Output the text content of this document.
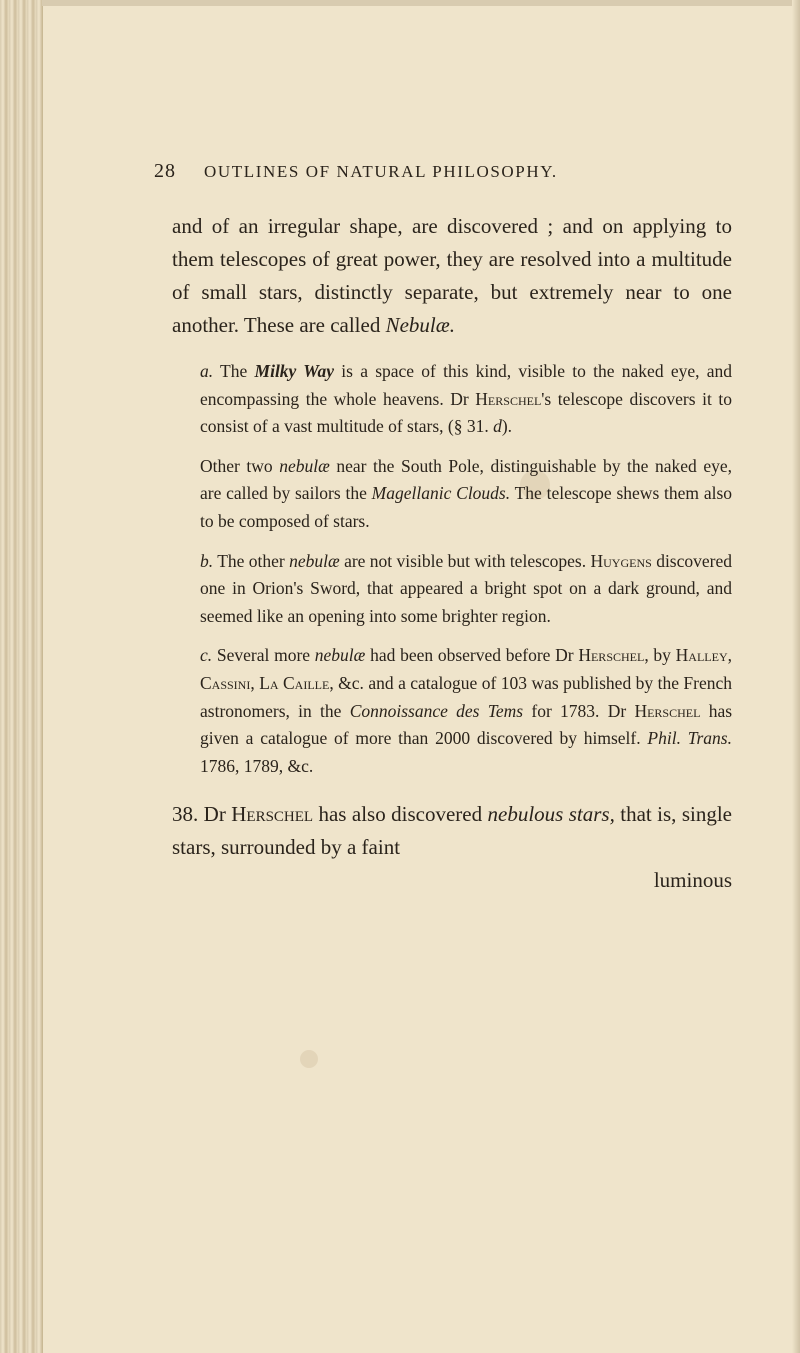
28 OUTLINES OF NATURAL PHILOSOPHY.

and of an irregular shape, are discovered ; and on applying to them telescopes of great power, they are resolved into a multitude of small stars, distinctly separate, but extremely near to one another. These are called Nebulæ.

a. The Milky Way is a space of this kind, visible to the naked eye, and encompassing the whole heavens. Dr Herschel's telescope discovers it to consist of a vast multitude of stars, (§ 31. d).

Other two nebulæ near the South Pole, distinguishable by the naked eye, are called by sailors the Magellanic Clouds. The telescope shews them also to be composed of stars.

b. The other nebulæ are not visible but with telescopes. Huygens discovered one in Orion's Sword, that appeared a bright spot on a dark ground, and seemed like an opening into some brighter region.

c. Several more nebulæ had been observed before Dr Herschel, by Halley, Cassini, La Caille, &c. and a catalogue of 103 was published by the French astronomers, in the Connoissance des Tems for 1783. Dr Herschel has given a catalogue of more than 2000 discovered by himself. Phil. Trans. 1786, 1789, &c.

38. Dr Herschel has also discovered nebulous stars, that is, single stars, surrounded by a faint

luminous
